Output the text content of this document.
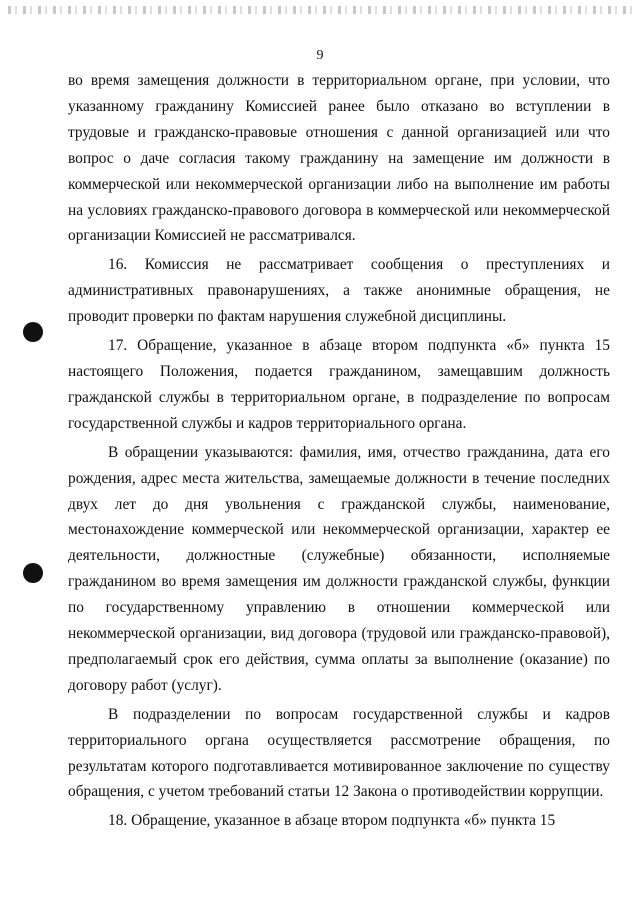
9

во время замещения должности в территориальном органе, при условии, что указанному гражданину Комиссией ранее было отказано во вступлении в трудовые и гражданско-правовые отношения с данной организацией или что вопрос о даче согласия такому гражданину на замещение им должности в коммерческой или некоммерческой организации либо на выполнение им работы на условиях гражданско-правового договора в коммерческой или некоммерческой организации Комиссией не рассматривался.

16. Комиссия не рассматривает сообщения о преступлениях и административных правонарушениях, а также анонимные обращения, не проводит проверки по фактам нарушения служебной дисциплины.

17. Обращение, указанное в абзаце втором подпункта «б» пункта 15 настоящего Положения, подается гражданином, замещавшим должность гражданской службы в территориальном органе, в подразделение по вопросам государственной службы и кадров территориального органа.

В обращении указываются: фамилия, имя, отчество гражданина, дата его рождения, адрес места жительства, замещаемые должности в течение последних двух лет до дня увольнения с гражданской службы, наименование, местонахождение коммерческой или некоммерческой организации, характер ее деятельности, должностные (служебные) обязанности, исполняемые гражданином во время замещения им должности гражданской службы, функции по государственному управлению в отношении коммерческой или некоммерческой организации, вид договора (трудовой или гражданско-правовой), предполагаемый срок его действия, сумма оплаты за выполнение (оказание) по договору работ (услуг).

В подразделении по вопросам государственной службы и кадров территориального органа осуществляется рассмотрение обращения, по результатам которого подготавливается мотивированное заключение по существу обращения, с учетом требований статьи 12 Закона о противодействии коррупции.

18. Обращение, указанное в абзаце втором подпункта «б» пункта 15
